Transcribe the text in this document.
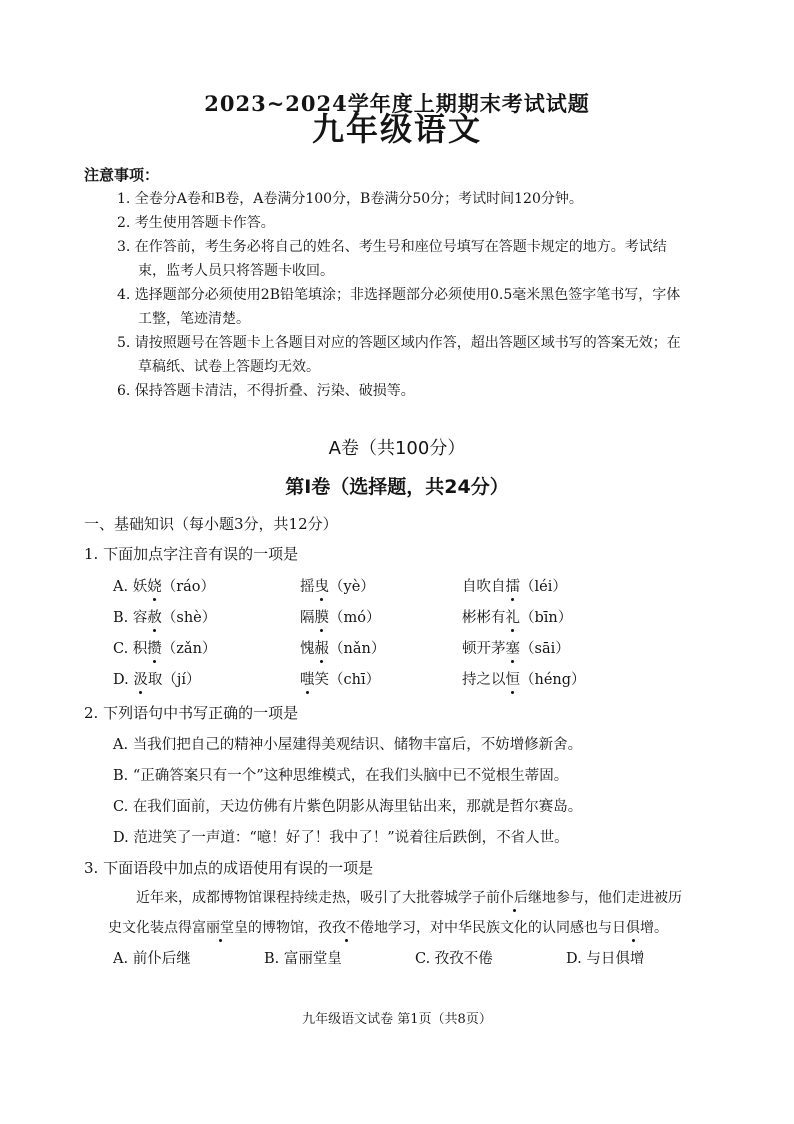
2023~2024学年度上期期末考试试题
九年级语文
注意事项：
1. 全卷分A卷和B卷，A卷满分100分，B卷满分50分；考试时间120分钟。
2. 考生使用答题卡作答。
3. 在作答前，考生务必将自己的姓名、考生号和座位号填写在答题卡规定的地方。考试结
束，监考人员只将答题卡收回。
4. 选择题部分必须使用2B铅笔填涂；非选择题部分必须使用0.5毫米黑色签字笔书写，字体
工整，笔迹清楚。
5. 请按照题号在答题卡上各题目对应的答题区域内作答，超出答题区域书写的答案无效；在
草稿纸、试卷上答题均无效。
6. 保持答题卡清洁，不得折叠、污染、破损等。
A卷（共100分）
第Ⅰ卷（选择题，共24分）
一、基础知识（每小题3分，共12分）
1. 下面加点字注音有误的一项是
A. 妖娆（ráo）	摇曳（yè）	自吹自擂（léi）
B. 容赦（shè）	隔膜（mó）	彬彬有礼（bīn）
C. 积攒（zǎn）	愧赧（nǎn）	顿开茅塞（sāi）
D. 汲取（jí）	嗤笑（chī）	持之以恒（héng）
2. 下列语句中书写正确的一项是
A. 当我们把自己的精神小屋建得美观结识、储物丰富后，不妨增修新舍。
B. “正确答案只有一个”这种思维模式，在我们头脑中已不觉根生蒂固。
C. 在我们面前，天边仿佛有片紫色阴影从海里钻出来，那就是哲尔赛岛。
D. 范进笑了一声道：“噫！好了！我中了！”说着往后跌倒，不省人世。
3. 下面语段中加点的成语使用有误的一项是
近年来，成都博物馆课程持续走热，吸引了大批蓉城学子前仆后继地参与，他们走进被历
史文化装点得富丽堂皇的博物馆，孜孜不倦地学习，对中华民族文化的认同感也与日俱增。
A. 前仆后继	B. 富丽堂皇	C. 孜孜不倦	D. 与日俱增
九年级语文试卷 第1页（共8页）
